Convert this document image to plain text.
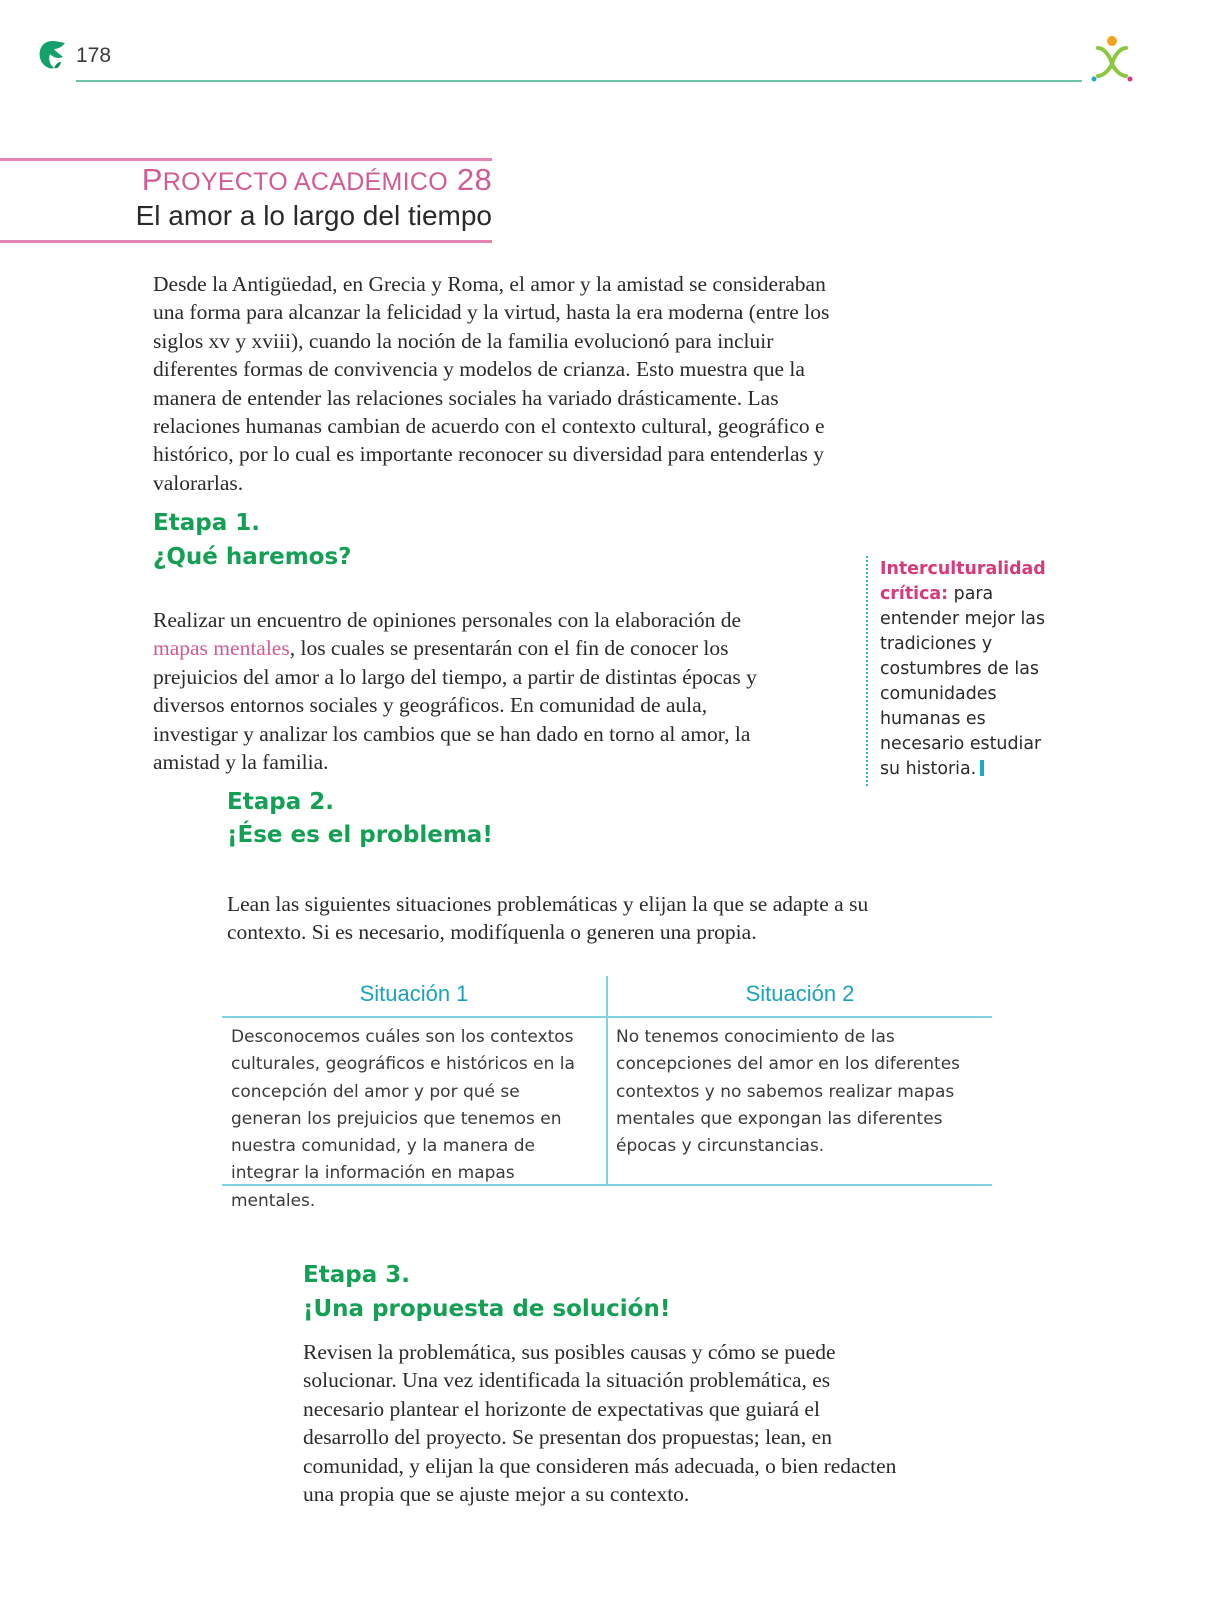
178
PROYECTO ACADÉMICO 28
El amor a lo largo del tiempo

Desde la Antigüedad, en Grecia y Roma, el amor y la amistad se consideraban una forma para alcanzar la felicidad y la virtud, hasta la era moderna (entre los siglos xv y xviii), cuando la noción de la familia evolucionó para incluir diferentes formas de convivencia y modelos de crianza. Esto muestra que la manera de entender las relaciones sociales ha variado drásticamente. Las relaciones humanas cambian de acuerdo con el contexto cultural, geográfico e histórico, por lo cual es importante reconocer su diversidad para entenderlas y valorarlas.

Etapa 1.
¿Qué haremos?

Realizar un encuentro de opiniones personales con la elaboración de mapas mentales, los cuales se presentarán con el fin de conocer los prejuicios del amor a lo largo del tiempo, a partir de distintas épocas y diversos entornos sociales y geográficos. En comunidad de aula, investigar y analizar los cambios que se han dado en torno al amor, la amistad y la familia.

Interculturalidad crítica: para entender mejor las tradiciones y costumbres de las comunidades humanas es necesario estudiar su historia.
Etapa 2.
¡Ése es el problema!

Lean las siguientes situaciones problemáticas y elijan la que se adapte a su contexto. Si es necesario, modifíquenla o generen una propia.

Situación 1	Situación 2

Desconocemos cuáles son los contextos culturales, geográficos e históricos en la concepción del amor y por qué se generan los prejuicios que tenemos en nuestra comunidad, y la manera de integrar la información en mapas mentales.

No tenemos conocimiento de las concepciones del amor en los diferentes contextos y no sabemos realizar mapas mentales que expongan las diferentes épocas y circunstancias.

Etapa 3.
¡Una propuesta de solución!

Revisen la problemática, sus posibles causas y cómo se puede solucionar. Una vez identificada la situación problemática, es necesario plantear el horizonte de expectativas que guiará el desarrollo del proyecto. Se presentan dos propuestas; lean, en comunidad, y elijan la que consideren más adecuada, o bien redacten una propia que se ajuste mejor a su contexto.
